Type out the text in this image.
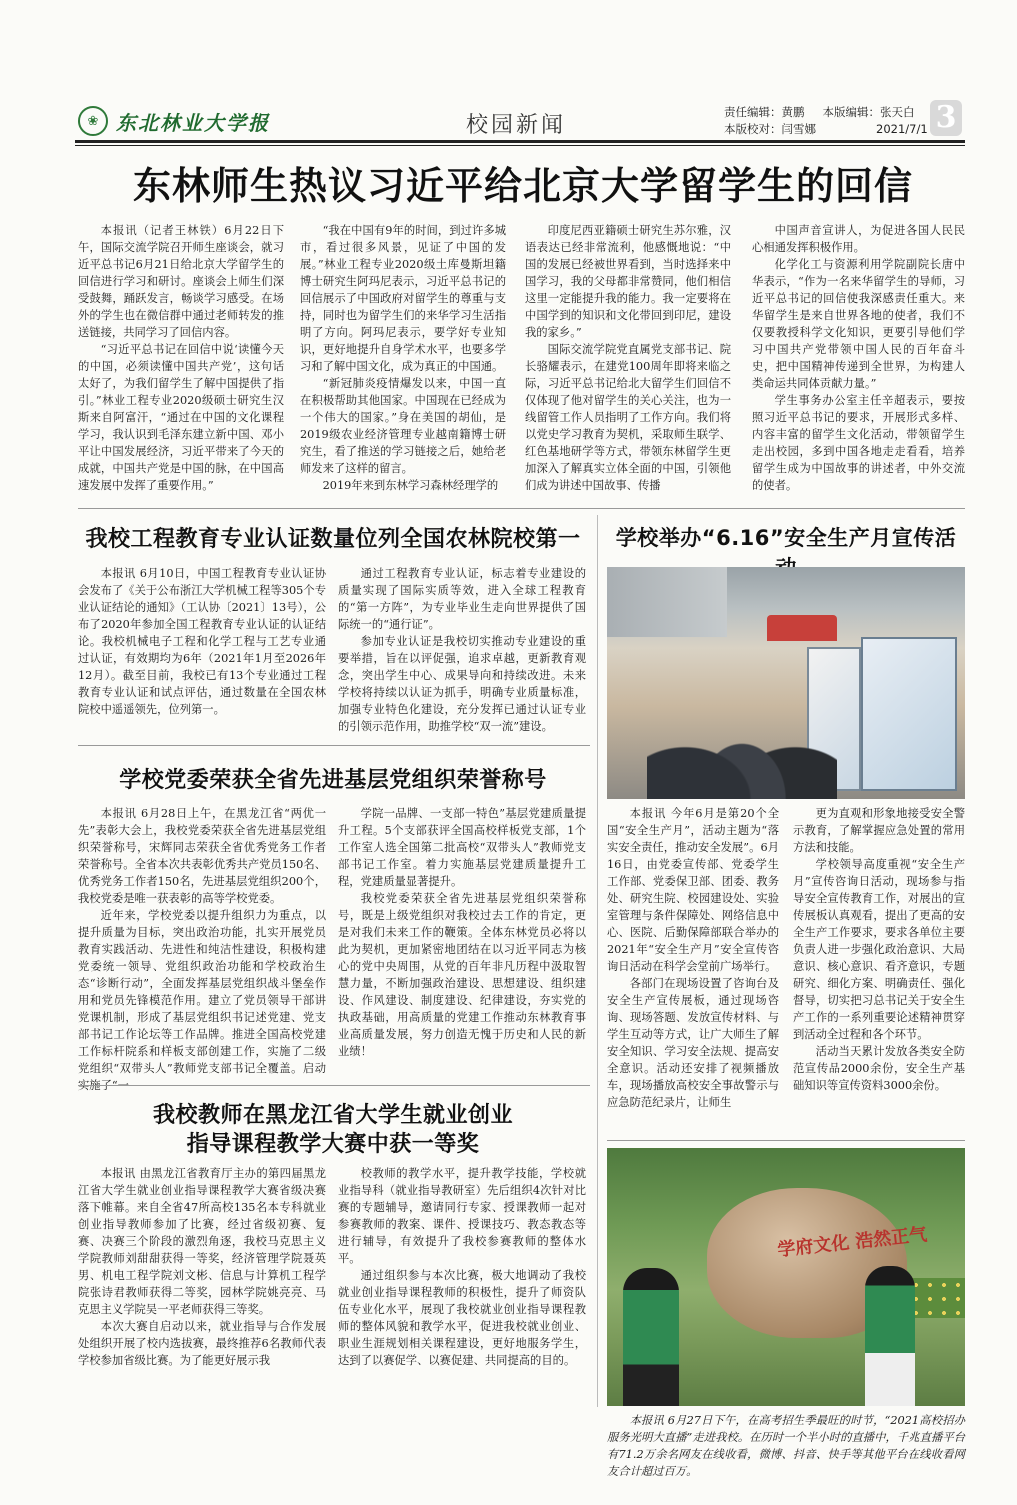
❀ 东北林业大学报	校园新闻
责任编辑：黄鹏 本版编辑：张天白
本版校对：闫雪娜	2021/7/1 3
东林师生热议习近平给北京大学留学生的回信

本报讯（记者王林铁）6月22日下午，国际交流学院召开师生座谈会，就习近平总书记6月21日给北京大学留学生的回信进行学习和研讨。座谈会上师生们深受鼓舞，踊跃发言，畅谈学习感受。在场外的学生也在微信群中通过老师转发的推送链接，共同学习了回信内容。

“习近平总书记在回信中说‘读懂今天的中国，必须读懂中国共产党’，这句话太好了，为我们留学生了解中国提供了指引。”林业工程专业2020级硕士研究生汉斯来自阿富汗，“通过在中国的文化课程学习，我认识到毛泽东建立新中国、邓小平让中国发展经济，习近平带来了今天的成就，中国共产党是中国的脉，在中国高速发展中发挥了重要作用。”

“我在中国有9年的时间，到过许多城市，看过很多风景，见证了中国的发展。”林业工程专业2020级土库曼斯坦籍博士研究生阿玛尼表示，习近平总书记的回信展示了中国政府对留学生的尊重与支持，同时也为留学生们的来华学习生活指明了方向。阿玛尼表示，要学好专业知识，更好地提升自身学术水平，也要多学习和了解中国文化，成为真正的中国通。

“新冠肺炎疫情爆发以来，中国一直在积极帮助其他国家。中国现在已经成为一个伟大的国家。”身在美国的胡仙，是2019级农业经济管理专业越南籍博士研究生，看了推送的学习链接之后，她给老师发来了这样的留言。

2019年来到东林学习森林经理学的

印度尼西亚籍硕士研究生苏尔雅，汉语表达已经非常流利，他感慨地说：“中国的发展已经被世界看到，当时选择来中国学习，我的父母都非常赞同，他们相信这里一定能提升我的能力。我一定要将在中国学到的知识和文化带回到印尼，建设我的家乡。”

国际交流学院党直属党支部书记、院长骆耀表示，在建党100周年即将来临之际，习近平总书记给北大留学生们回信不仅体现了他对留学生的关心关注，也为一线留管工作人员指明了工作方向。我们将以党史学习教育为契机，采取师生联学、红色基地研学等方式，带领东林留学生更加深入了解真实立体全面的中国，引领他们成为讲述中国故事、传播

中国声音宣讲人，为促进各国人民民心相通发挥积极作用。

化学化工与资源利用学院副院长唐中华表示，“作为一名来华留学生的导师，习近平总书记的回信使我深感责任重大。来华留学生是来自世界各地的使者，我们不仅要教授科学文化知识，更要引导他们学习中国共产党带领中国人民的百年奋斗史，把中国精神传递到全世界，为构建人类命运共同体贡献力量。”

学生事务办公室主任辛超表示，要按照习近平总书记的要求，开展形式多样、内容丰富的留学生文化活动，带领留学生走出校园，多到中国各地走走看看，培养留学生成为中国故事的讲述者，中外交流的使者。

我校工程教育专业认证数量位列全国农林院校第一

本报讯 6月10日，中国工程教育专业认证协会发布了《关于公布浙江大学机械工程等305个专业认证结论的通知》（工认协〔2021〕13号），公布了2020年参加全国工程教育专业认证的认证结论。我校机械电子工程和化学工程与工艺专业通过认证，有效期均为6年（2021年1月至2026年12月）。截至目前，我校已有13个专业通过工程教育专业认证和试点评估，通过数量在全国农林院校中遥遥领先，位列第一。

通过工程教育专业认证，标志着专业建设的质量实现了国际实质等效，进入全球工程教育的“第一方阵”，为专业毕业生走向世界提供了国际统一的“通行证”。

参加专业认证是我校切实推动专业建设的重要举措，旨在以评促强，追求卓越，更新教育观念，突出学生中心、成果导向和持续改进。未来学校将持续以认证为抓手，明确专业质量标准，加强专业特色化建设，充分发挥已通过认证专业的引领示范作用，助推学校“双一流”建设。

学校举办“6.16”安全生产月宣传活

本报讯 今年6月是第20个全国“安全生产月”，活动主题为“落实安全责任，推动安全发展”。6月16日，由党委宣传部、党委学生工作部、党委保卫部、团委、教务处、研究生院、校园建设处、实验室管理与条件保障处、网络信息中心、医院、后勤保障部联合举办的2021年“安全生产月”安全宣传咨询日活动在科学会堂前广场举行。

各部门在现场设置了咨询台及安全生产宣传展板，通过现场咨询、现场答题、发放宣传材料、与学生互动等方式，让广大师生了解安全知识、学习安全法规、提高安全意识。活动还安排了视频播放车，现场播放高校安全事故警示与应急防范纪录片，让师生

更为直观和形象地接受安全警示教育，了解掌握应急处置的常用方法和技能。

学校领导高度重视“安全生产月”宣传咨询日活动，现场参与指导安全宣传教育工作，对展出的宣传展板认真观看，提出了更高的安全生产工作要求，要求各单位主要负责人进一步强化政治意识、大局意识、核心意识、看齐意识，专题研究、细化方案、明确责任、强化督导，切实把习总书记关于安全生产工作的一系列重要论述精神贯穿到活动全过程和各个环节。

活动当天累计发放各类安全防范宣传品2000余份，安全生产基础知识等宣传资料3000余份。

学校党委荣获全省先进基层党组织荣誉称号

本报讯 6月28日上午，在黑龙江省“两优一先”表彰大会上，我校党委荣获全省先进基层党组织荣誉称号，宋辉同志荣获全省优秀党务工作者荣誉称号。全省本次共表彰优秀共产党员150名、优秀党务工作者150名，先进基层党组织200个，我校党委是唯一获表彰的高等学校党委。

近年来，学校党委以提升组织力为重点，以提升质量为目标，突出政治功能，扎实开展党员教育实践活动、先进性和纯洁性建设，积极构建党委统一领导、党组织政治功能和学校政治生态“诊断行动”，全面发挥基层党组织战斗堡垒作用和党员先锋模范作用。建立了党员领导干部讲党课机制，形成了基层党组织书记述党建、党支部书记工作论坛等工作品牌。推进全国高校党建工作标杆院系和样板支部创建工作，实施了二级党组织“双带头人”教师党支部书记全覆盖。启动实施了“一

学院一品牌、一支部一特色”基层党建质量提升工程。5个支部获评全国高校样板党支部，1个工作室人选全国第二批高校“双带头人”教师党支部书记工作室。着力实施基层党建质量提升工程，党建质量显著提升。

我校党委荣获全省先进基层党组织荣誉称号，既是上级党组织对我校过去工作的肯定，更是对我们未来工作的鞭策。全体东林党员必将以此为契机，更加紧密地团结在以习近平同志为核心的党中央周围，从党的百年非凡历程中汲取智慧力量，不断加强政治建设、思想建设、组织建设、作风建设、制度建设、纪律建设，夯实党的执政基础，用高质量的党建工作推动东林教育事业高质量发展，努力创造无愧于历史和人民的新业绩！

我校教师在黑龙江省大学生就业创业
指导课程教学大赛中获一等奖

本报讯 由黑龙江省教育厅主办的第四届黑龙江省大学生就业创业指导课程教学大赛省级决赛落下帷幕。来自全省47所高校135名本专科就业创业指导教师参加了比赛，经过省级初赛、复赛、决赛三个阶段的激烈角逐，我校马克思主义学院教师刘甜甜获得一等奖，经济管理学院聂英男、机电工程学院刘文彬、信息与计算机工程学院张诗君教师获得二等奖，园林学院姚亮亮、马克思主义学院吴一平老师获得三等奖。

本次大赛自启动以来，就业指导与合作发展处组织开展了校内选拔赛，最终推荐6名教师代表学校参加省级比赛。为了能更好展示我

校教师的教学水平，提升教学技能，学校就业指导科（就业指导教研室）先后组织4次针对比赛的专题辅导，邀请同行专家、授课教师一起对参赛教师的教案、课件、授课技巧、教态教态等进行辅导，有效提升了我校参赛教师的整体水平。

通过组织参与本次比赛，极大地调动了我校就业创业指导课程教师的积极性，提升了师资队伍专业化水平，展现了我校就业创业指导课程教师的整体风貌和教学水平，促进我校就业创业、职业生涯规划相关课程建设，更好地服务学生，达到了以赛促学、以赛促建、共同提高的目的。

学府文化 浩然正气

本报讯 6月27日下午，在高考招生季最旺的时节，“2021高校招办服务光明大直播”走进我校。在历时一个半小时的直播中，千兆直播平台有71.2万余名网友在线收看，微博、抖音、快手等其他平台在线收看网友合计超过百万。
